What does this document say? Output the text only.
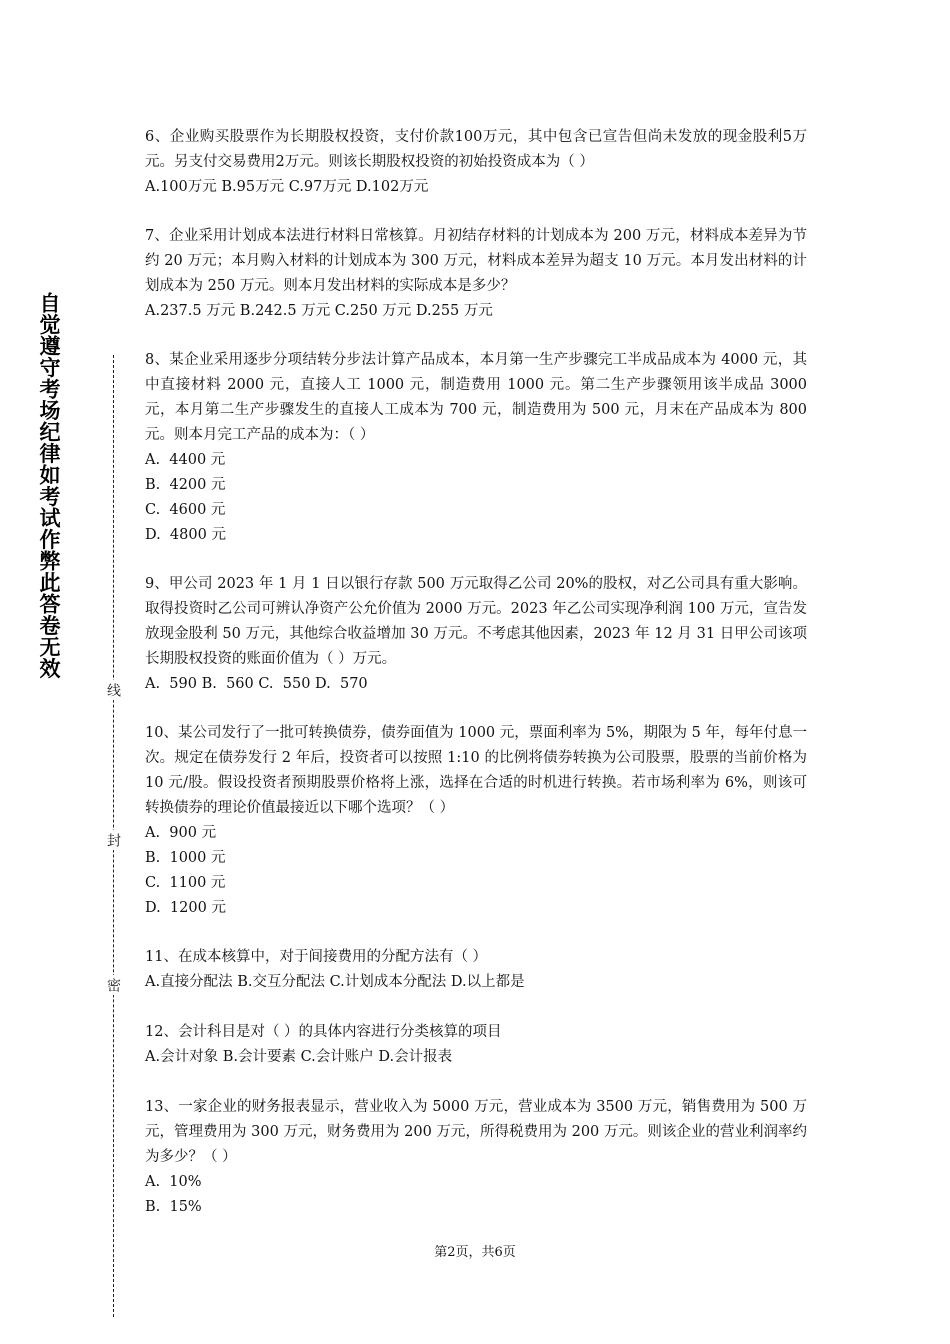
自觉遵守考场纪律如考试作弊此答卷无效
线
封
密

6、企业购买股票作为长期股权投资，支付价款100万元，其中包含已宣告但尚未发放的现金股利5万元。另支付交易费用2万元。则该长期股权投资的初始投资成本为（ ）

A.100万元 B.95万元 C.97万元 D.102万元

7、企业采用计划成本法进行材料日常核算。月初结存材料的计划成本为 200 万元，材料成本差异为节约 20 万元；本月购入材料的计划成本为 300 万元，材料成本差异为超支 10 万元。本月发出材料的计划成本为 250 万元。则本月发出材料的实际成本是多少？

A.237.5 万元 B.242.5 万元 C.250 万元 D.255 万元

8、某企业采用逐步分项结转分步法计算产品成本，本月第一生产步骤完工半成品成本为 4000 元，其中直接材料 2000 元，直接人工 1000 元，制造费用 1000 元。第二生产步骤领用该半成品 3000 元，本月第二生产步骤发生的直接人工成本为 700 元，制造费用为 500 元，月末在产品成本为 800 元。则本月完工产品的成本为：（ ）

A.  4400 元
B.  4200 元
C.  4600 元
D.  4800 元

9、甲公司 2023 年 1 月 1 日以银行存款 500 万元取得乙公司 20%的股权，对乙公司具有重大影响。取得投资时乙公司可辨认净资产公允价值为 2000 万元。2023 年乙公司实现净利润 100 万元，宣告发放现金股利 50 万元，其他综合收益增加 30 万元。不考虑其他因素，2023 年 12 月 31 日甲公司该项长期股权投资的账面价值为（ ）万元。

A.  590 B.  560 C.  550 D.  570

10、某公司发行了一批可转换债券，债券面值为 1000 元，票面利率为 5%，期限为 5 年，每年付息一次。规定在债券发行 2 年后，投资者可以按照 1:10 的比例将债券转换为公司股票，股票的当前价格为 10 元/股。假设投资者预期股票价格将上涨，选择在合适的时机进行转换。若市场利率为 6%，则该可转换债券的理论价值最接近以下哪个选项？（ ）

A.  900 元
B.  1000 元
C.  1100 元
D.  1200 元

11、在成本核算中，对于间接费用的分配方法有（ ）

A.直接分配法 B.交互分配法 C.计划成本分配法 D.以上都是

12、会计科目是对（ ）的具体内容进行分类核算的项目

A.会计对象 B.会计要素 C.会计账户 D.会计报表

13、一家企业的财务报表显示，营业收入为 5000 万元，营业成本为 3500 万元，销售费用为 500 万元，管理费用为 300 万元，财务费用为 200 万元，所得税费用为 200 万元。则该企业的营业利润率约为多少？（ ）

A.  10%
B.  15%
第2页，共6页
